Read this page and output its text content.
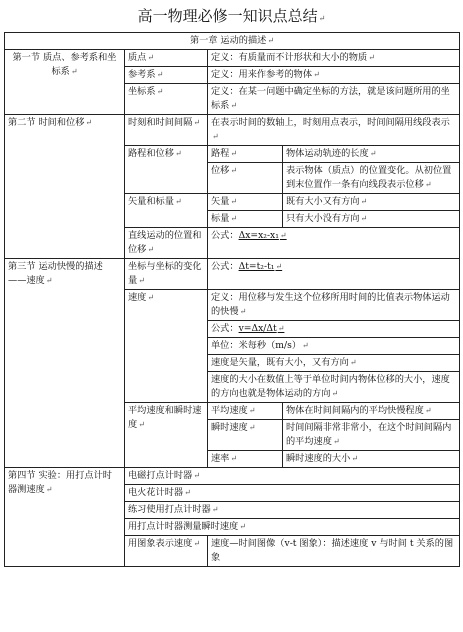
高一物理必修一知识点总结 ↵
第一章 运动的描述 ↵
第一节 质点、参考系和坐标系 ↵	质点 ↵	定义：有质量而不计形状和大小的物质 ↵
	参考系 ↵	定义：用来作参考的物体 ↵
	坐标系 ↵	定义：在某一问题中确定坐标的方法，就是该问题所用的坐标系 ↵
第二节 时间和位移 ↵	时刻和时间间隔 ↵	在表示时间的数轴上，时刻用点表示，时间间隔用线段表示 ↵
	路程和位移 ↵	路程 ↵	物体运动轨迹的长度 ↵
		位移 ↵	表示物体（质点）的位置变化。从初位置到末位置作一条有向线段表示位移 ↵
	矢量和标量 ↵	矢量 ↵	既有大小又有方向 ↵
		标量 ↵	只有大小没有方向 ↵
	直线运动的位置和位移 ↵	公式：Δx=x₂-x₁ ↵
第三节 运动快慢的描述——速度 ↵	坐标与坐标的变化量 ↵	公式：Δt=t₂-t₁ ↵
	速度 ↵	定义：用位移与发生这个位移所用时间的比值表示物体运动的快慢 ↵
		公式：v=Δx/Δt ↵
		单位：米每秒（m/s） ↵
		速度是矢量，既有大小，又有方向 ↵
		速度的大小在数值上等于单位时间内物体位移的大小，速度的方向也就是物体运动的方向 ↵
	平均速度和瞬时速度 ↵	平均速度 ↵	物体在时间间隔内的平均快慢程度 ↵
		瞬时速度 ↵	时间间隔非常非常小，在这个时间间隔内的平均速度 ↵
		速率 ↵	瞬时速度的大小 ↵
第四节 实验：用打点计时器测速度 ↵	电磁打点计时器 ↵
	电火花计时器 ↵
	练习使用打点计时器 ↵
	用打点计时器测量瞬时速度 ↵
	用图象表示速度 ↵	速度—时间图像（v-t 图象）：描述速度 v 与时间 t 关系的图象	
